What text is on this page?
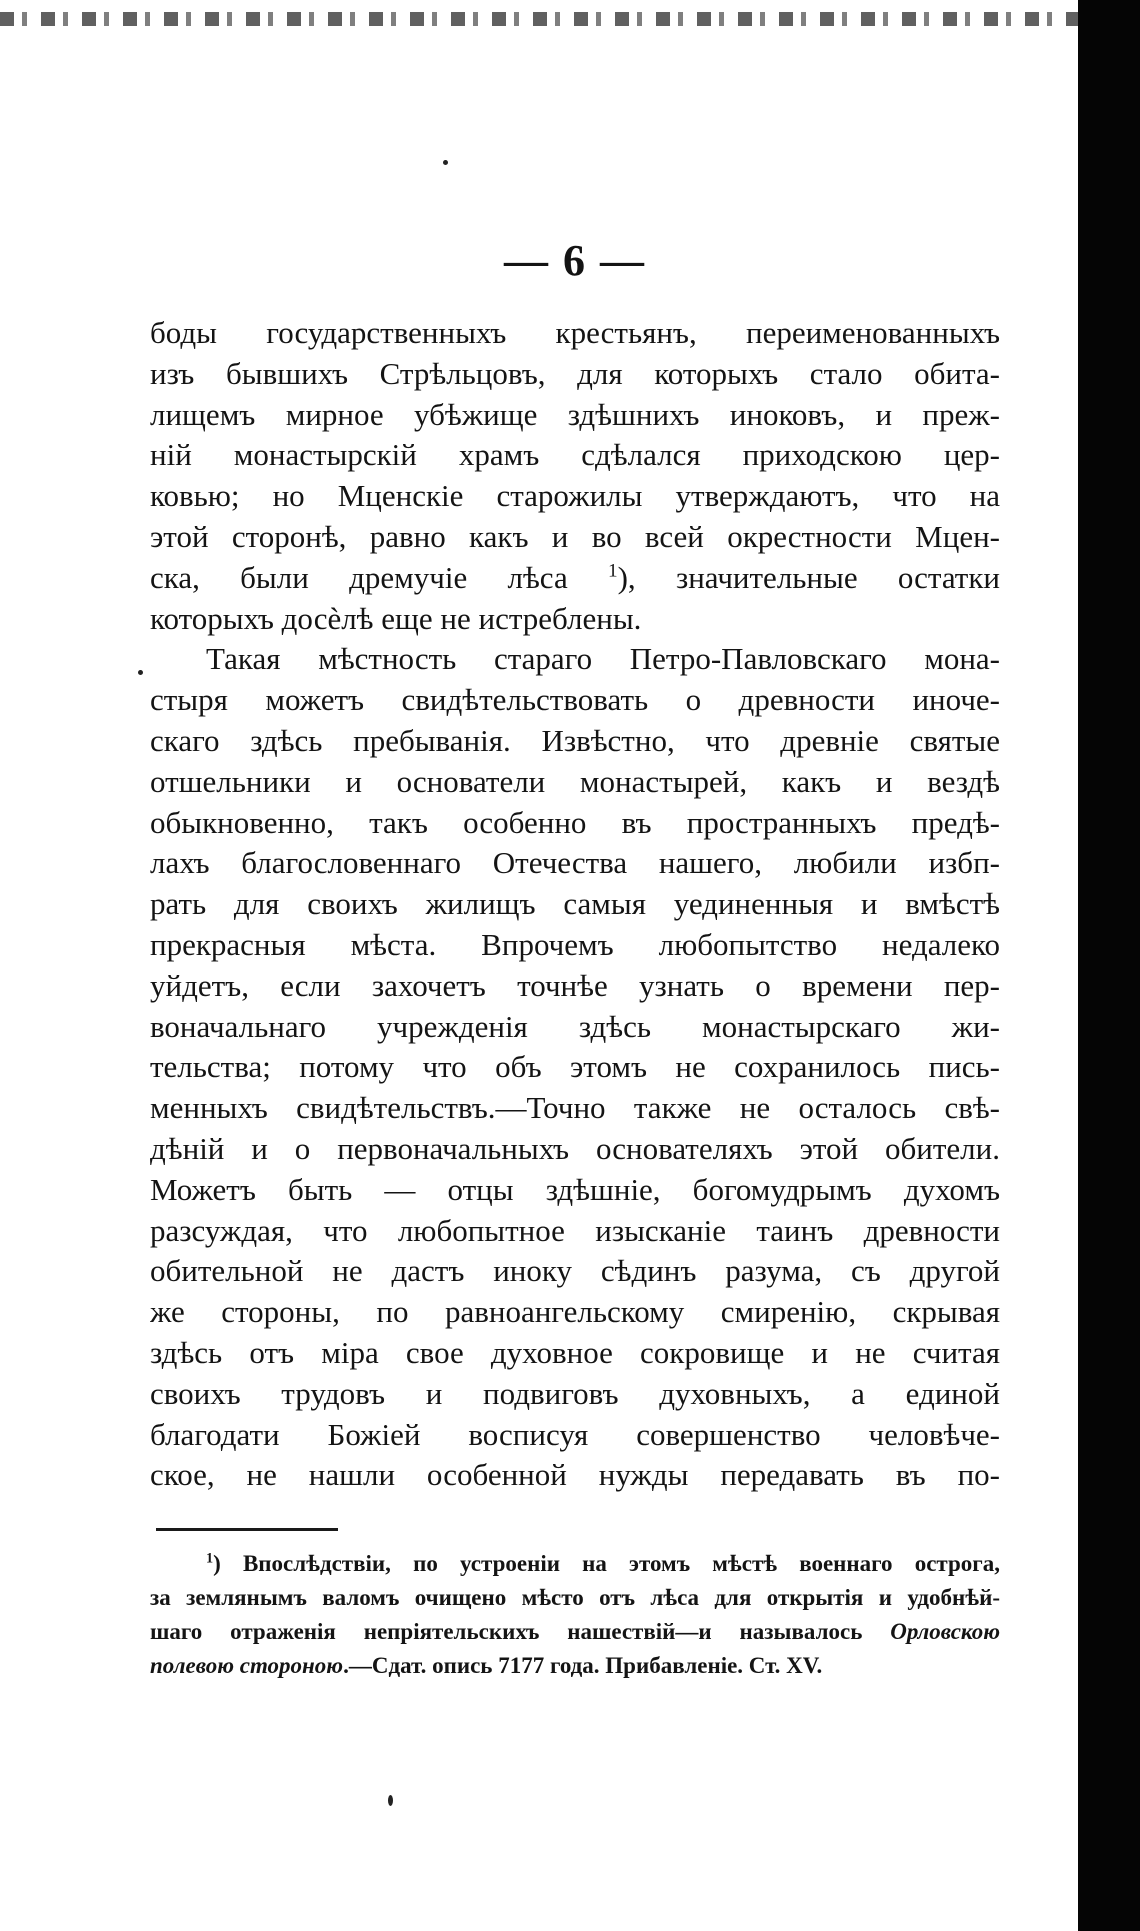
— 6 —

боды государственныхъ крестьянъ, переименованныхъ
изъ бывшихъ Стрѣльцовъ, для которыхъ стало обита-
лищемъ мирное убѣжище здѣшнихъ иноковъ, и преж-
нiй монастырскiй храмъ сдѣлался приходскою цер-
ковью; но Мценскiе старожилы утверждаютъ, что на
этой сторонѣ, равно какъ и во всей окрестности Мцен-
ска, были дремучiе лѣса $^1$), значительные остатки
которыхъ досèлѣ еще не истреблены.

Такая мѣстность стараго Петро-Павловскаго мона-
стыря можетъ свидѣтельствовать о древности иноче-
скаго здѣсь пребыванiя. Извѣстно, что древнiе святые
отшельники и основатели монастырей, какъ и вездѣ
обыкновенно, такъ особенно въ пространныхъ предѣ-
лахъ благословеннаго Отечества нашего, любили избп-
рать для своихъ жилищъ самыя уединенныя и вмѣстѣ
прекрасныя мѣста. Впрочемъ любопытство недалеко
уйдетъ, если захочетъ точнѣе узнать о времени пер-
воначальнаго учрежденiя здѣсь монастырскаго жи-
тельства; потому что объ этомъ не сохранилось пись-
менныхъ свидѣтельствъ.—Точно также не осталось свѣ-
дѣнiй и о первоначальныхъ основателяхъ этой обители.
Можетъ быть — отцы здѣшнiе, богомудрымъ духомъ
разсуждая, что любопытное изысканiе таинъ древности
обительной не дастъ иноку сѣдинъ разума, съ другой
же стороны, по равноангельскому смиренiю, скрывая
здѣсь отъ мiра свое духовное сокровище и не считая
своихъ трудовъ и подвиговъ духовныхъ, а единой
благодати Божiей восписуя совершенство человѣче-
ское, не нашли особенной нужды передавать въ по-

$^1$) Впослѣдствiи, по устроенiи на этомъ мѣстѣ военнаго острога,
за землянымъ валомъ очищено мѣсто отъ лѣса для открытiя и удобнѣй-
шаго отраженiя непрiятельскихъ нашествiй—и называлось Орловскою
полевою стороною.—Сдат. опись 7177 года. Прибавленiе. Ст. XV.
